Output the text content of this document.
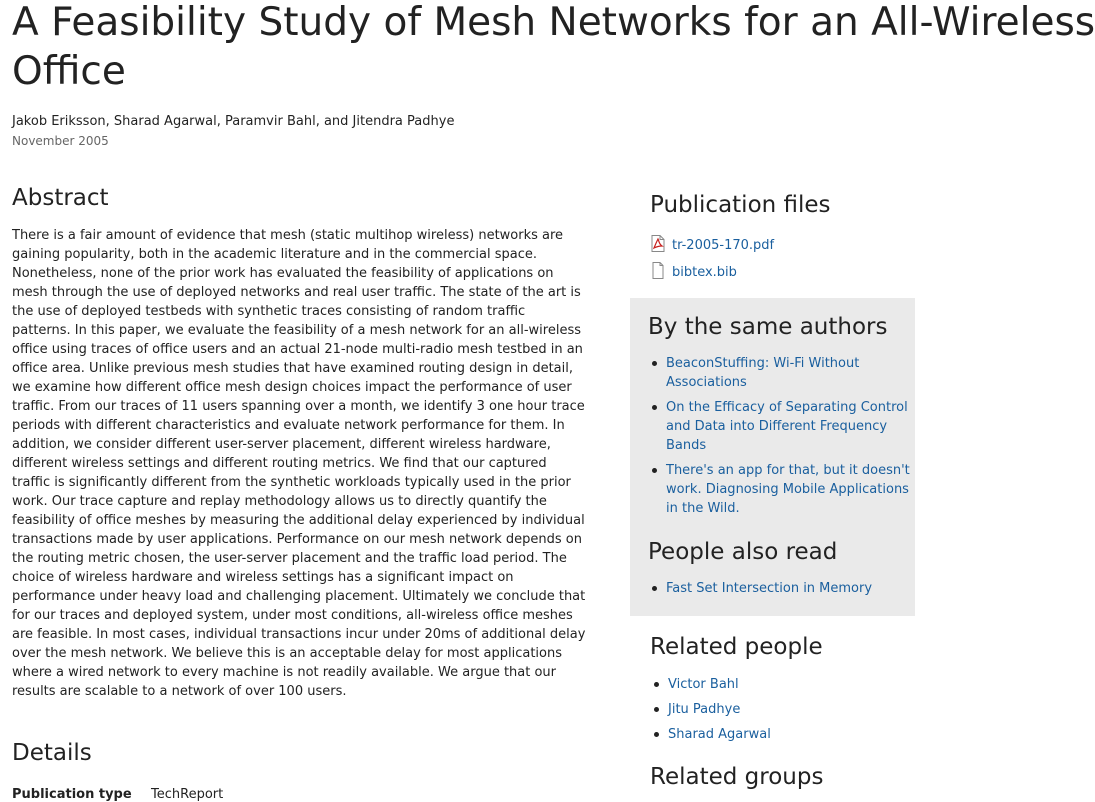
A Feasibility Study of Mesh Networks for an All-Wireless
Office
Jakob Eriksson, Sharad Agarwal, Paramvir Bahl, and Jitendra Padhye
November 2005
Abstract

There is a fair amount of evidence that mesh (static multihop wireless) networks are gaining popularity, both in the academic literature and in the commercial space. Nonetheless, none of the prior work has evaluated the feasibility of applications on mesh through the use of deployed networks and real user traffic. The state of the art is the use of deployed testbeds with synthetic traces consisting of random traffic patterns. In this paper, we evaluate the feasibility of a mesh network for an all-wireless office using traces of office users and an actual 21-node multi-radio mesh testbed in an office area. Unlike previous mesh studies that have examined routing design in detail, we examine how different office mesh design choices impact the performance of user traffic. From our traces of 11 users spanning over a month, we identify 3 one hour trace periods with different characteristics and evaluate network performance for them. In addition, we consider different user-server placement, different wireless hardware, different wireless settings and different routing metrics. We find that our captured traffic is significantly different from the synthetic workloads typically used in the prior work. Our trace capture and replay methodology allows us to directly quantify the feasibility of office meshes by measuring the additional delay experienced by individual transactions made by user applications. Performance on our mesh network depends on the routing metric chosen, the user-server placement and the traffic load period. The choice of wireless hardware and wireless settings has a significant impact on performance under heavy load and challenging placement. Ultimately we conclude that for our traces and deployed system, under most conditions, all-wireless office meshes are feasible. In most cases, individual transactions incur under 20ms of additional delay over the mesh network. We believe this is an acceptable delay for most applications where a wired network to every machine is not readily available. We argue that our results are scalable to a network of over 100 users.

Details
Publication type TechReport
Publication files
tr-2005-170.pdf
bibtex.bib
By the same authors
BeaconStuffing: Wi-Fi Without Associations
On the Efficacy of Separating Control and Data into Different Frequency Bands
There's an app for that, but it doesn't work. Diagnosing Mobile Applications in the Wild.
People also read
Fast Set Intersection in Memory
Related people
Victor Bahl
Jitu Padhye
Sharad Agarwal
Related groups
